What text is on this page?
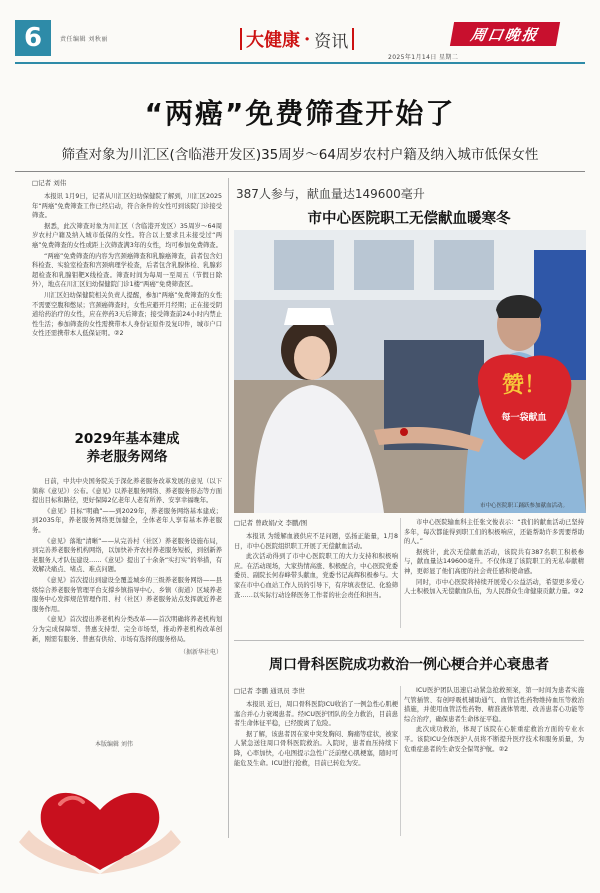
6	责任编辑 刘秋丽	大健康 · 资讯	周口晚报
2025年1月14日 星期二
“两癌”免费筛查开始了
筛查对象为川汇区(含临港开发区)35周岁～64周岁农村户籍及纳入城市低保女性
□记者 刘伟

本报讯 1月9日，记者从川汇区妇幼保健院了解到，川汇区2025年“两癌”免费筛查工作已经启动，符合条件的女性可到该院门诊接受筛查。

据悉，此次筛查对象为川汇区（含临港开发区）35周岁～64周岁农村户籍及纳入城市低保的女性。符合以上要求且未接受过“两癌”免费筛查的女性或距上次筛查满3年的女性，均可参加免费筛查。

“两癌”免费筛查的内容为宫颈癌筛查和乳腺癌筛查，前者包含妇科检查、实验室检查和宫颈病理学检查，后者包含乳腺体检、乳腺彩超检查和乳腺钼靶X线检查。筛查时间为每周一至周五（节假日除外），地点在川汇区妇幼保健院门诊1楼“两癌”免费筛查区。

川汇区妇幼保健院相关负责人提醒，参加“两癌”免费筛查的女性不需要空腹和憋尿；宫颈癌筛查时，女性应避开月经期；正在接受阴道给药治疗的女性，应在停药3天后筛查；接受筛查前24小时内禁止性生活；参加筛查的女性需携带本人身份证原件及复印件，城市户口女性还需携带本人低保证明。②2

2029年基本建成
养老服务网络

日前，中共中央国务院关于深化养老服务改革发展的意见（以下简称《意见》）公布。《意见》以养老服务网络、养老服务形态等方面提出目标和路径，更好保障2亿老年人老有所养、安享幸福晚年。

《意见》目标“明确”——到2029年，养老服务网络基本建成；到2035年，养老服务网络更加健全，全体老年人享有基本养老服务。

《意见》落地“清晰”——从完善村（社区）养老服务设施布局，到完善养老服务机构网络，以加快补齐农村养老服务短板，到创新养老服务人才队伍建设……《意见》提出了十余条“实打实”的举措，有效解决痛点、堵点、难点问题。

《意见》首次提出到建设全覆盖城乡的三级养老服务网络——县级综合养老服务管理平台支撑乡镇指导中心、乡镇（街道）区域养老服务中心发挥规范管理作用、村（社区）养老服务站点发挥就近养老服务作用。

《意见》首次提出养老机构分类改革——首次明确将养老机构划分为完成保障型、普惠支持型、完全市场型，推动养老机构改革创新，刚需有服务、普惠有供给、市场有选择的服务格局。

（据新华社电）
本版编辑 刘伟
387人参与，献血量达149600毫升
市中心医院职工无偿献血暖寒冬
赞！
每一袋献血
市中心医院职工踊跃参加献血活动。
□记者 曾政娟/文 李鹏/图

本报讯 为缓解血液供应不足问题，弘扬正能量，1月8日，市中心医院组织职工开展了无偿献血活动。

此次活动得到了市中心医院职工的大力支持和积极响应。在活动现场，大家热情高涨、积极配合，中心医院党委委员、副院长何春峰带头献血，党委书记高辉积极参与。大家在市中心血站工作人员的引导下，有序填表登记、化验筛查……以实际行动诠释医务工作者的社会责任和担当。

市中心医院输血科主任张文俊表示：“我们的献血活动已坚持多年，每次都能得到职工们的积极响应，还能帮助许多需要帮助的人。”

据统计，此次无偿献血活动，该院共有387名职工积极参与，献血量达149600毫升。不仅体现了该院职工的无私奉献精神，更彰显了他们高度的社会责任感和使命感。

同时，市中心医院将持续开展爱心公益活动，希望更多爱心人士积极加入无偿献血队伍，为人民群众生命健康贡献力量。②2

周口骨科医院成功救治一例心梗合并心衰患者
□记者 李鹏 通讯员 李世

本报讯 近日，周口骨科医院ICU收治了一例急性心肌梗塞合并心力衰竭患者。经ICU医护团队的全力救治，目前患者生命体征平稳，已经脱离了危险。

据了解，该患者因在家中突发胸闷、胸痛等症状，被家人紧急送往周口骨科医院救治。入院时，患者血压持续下降，心率加快，心电图提示急性广泛前壁心肌梗塞，随时可能危及生命。ICU进行抢救，目前已转危为安。

ICU医护团队迅速启动紧急抢救预案，第一时间为患者实施气管插管、有创呼吸机辅助通气、血管活性药物维持血压等救治措施，并使用血管活性药物、精准液体管理、改善患者心功能等综合治疗，确保患者生命体征平稳。

此次成功救治，体现了该院在心脏重症救治方面的专业水平。该院ICU全体医护人员将不断提升医疗技术和服务质量，为危重症患者的生命安全保驾护航。②2
